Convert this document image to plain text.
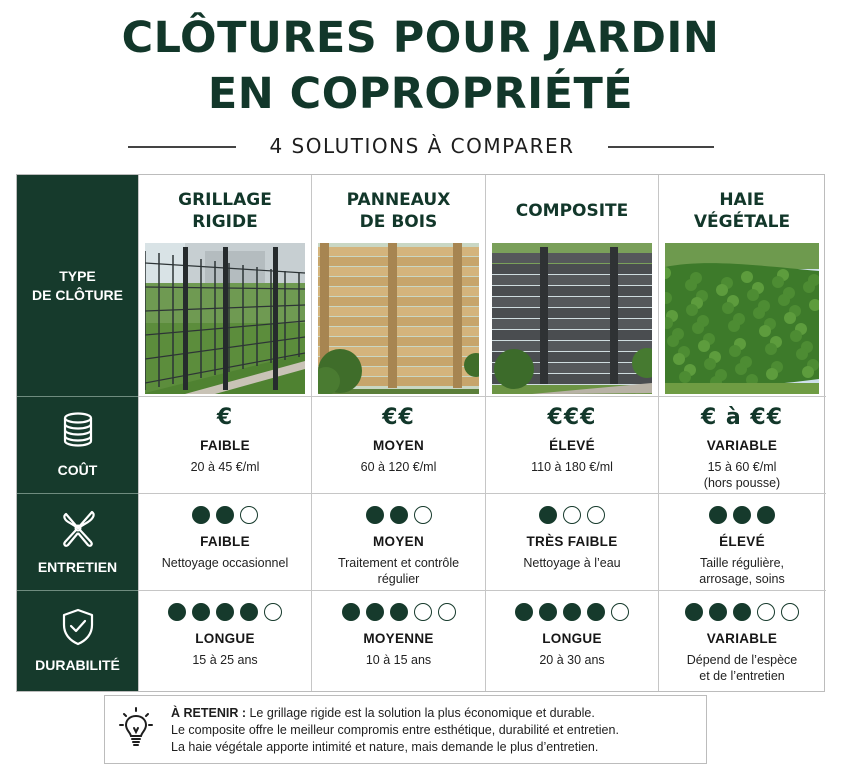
CLÔTURES POUR JARDIN
EN COPROPRIÉTÉ
4 SOLUTIONS À COMPARER
TYPE
DE CLÔTURE
COÛT
ENTRETIEN
DURABILITÉ
GRILLAGE
RIGIDE
€
FAIBLE
20 à 45 €/ml
FAIBLE
Nettoyage occasionnel
LONGUE
15 à 25 ans
PANNEAUX
DE BOIS
€€
MOYEN
60 à 120 €/ml
MOYEN
Traitement et contrôle
régulier
MOYENNE
10 à 15 ans
COMPOSITE
€€€
ÉLEVÉ
110 à 180 €/ml
TRÈS FAIBLE
Nettoyage à l’eau
LONGUE
20 à 30 ans
HAIE
VÉGÉTALE
€ à €€
VARIABLE
15 à 60 €/ml
(hors pousse)
ÉLEVÉ
Taille régulière,
arrosage, soins
VARIABLE
Dépend de l’espèce
et de l’entretien
À RETENIR : Le grillage rigide est la solution la plus économique et durable.
Le composite offre le meilleur compromis entre esthétique, durabilité et entretien.
La haie végétale apporte intimité et nature, mais demande le plus d’entretien.
